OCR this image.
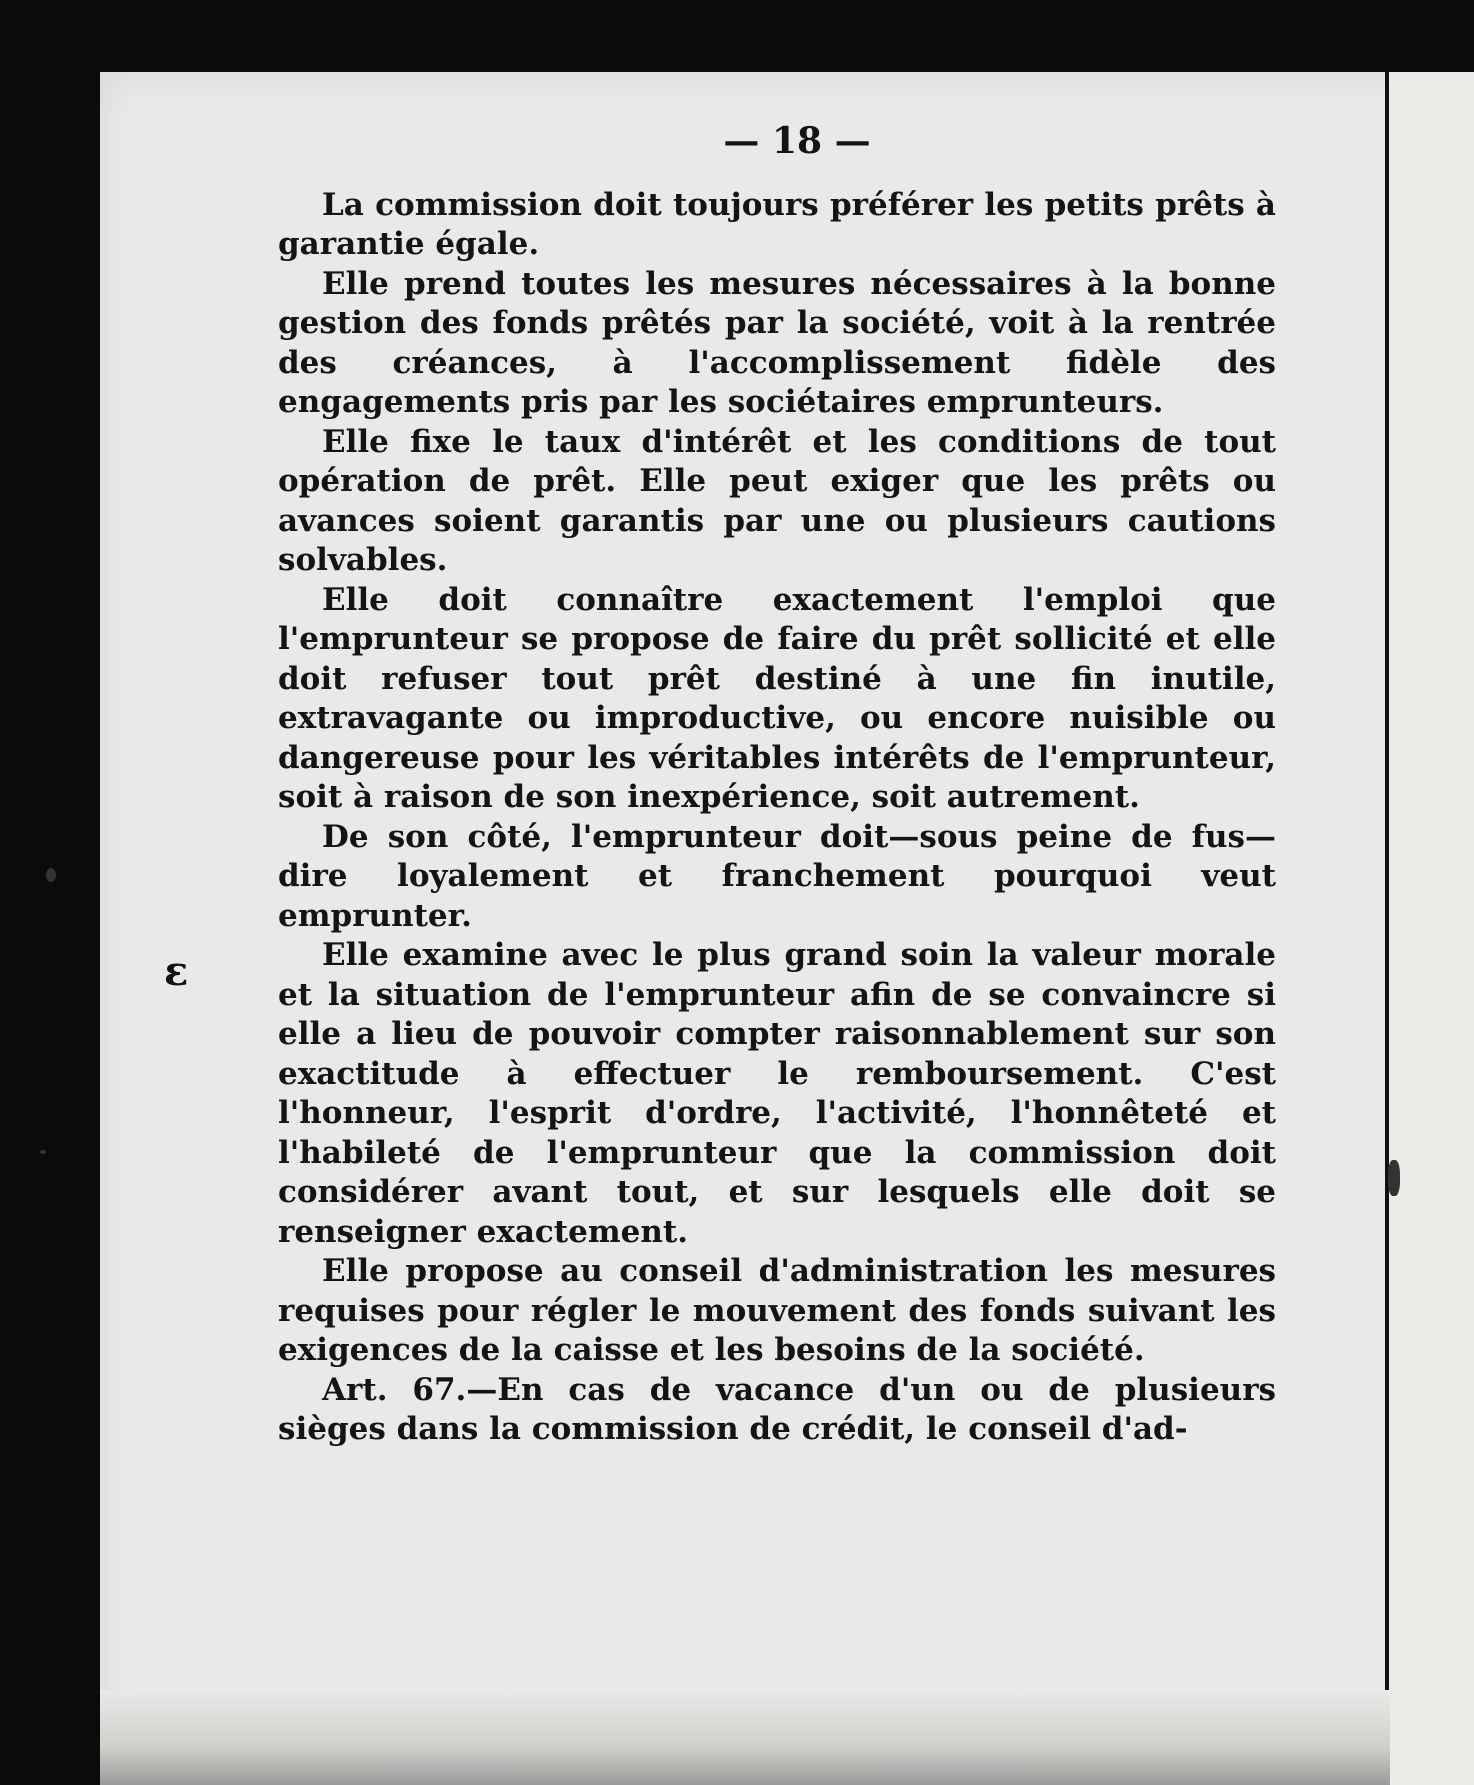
ɛ
— 18 —

La commission doit toujours préférer les petits prêts à garantie égale.

Elle prend toutes les mesures nécessaires à la bonne gestion des fonds prêtés par la société, voit à la rentrée des créances, à l'accomplissement fidèle des engagements pris par les sociétaires emprunteurs.

Elle fixe le taux d'intérêt et les conditions de tout opération de prêt. Elle peut exiger que les prêts ou avances soient garantis par une ou plusieurs cautions solvables.

Elle doit connaître exactement l'emploi que l'emprunteur se propose de faire du prêt sollicité et elle doit refuser tout prêt destiné à une fin inutile, extravagante ou improductive, ou encore nuisible ou dangereuse pour les véritables intérêts de l'emprunteur, soit à raison de son inexpérience, soit autrement.

De son côté, l'emprunteur doit—sous peine de fus—dire loyalement et franchement pourquoi veut emprunter.

Elle examine avec le plus grand soin la valeur morale et la situation de l'emprunteur afin de se convaincre si elle a lieu de pouvoir compter raisonnablement sur son exactitude à effectuer le remboursement. C'est l'honneur, l'esprit d'ordre, l'activité, l'honnêteté et l'habileté de l'emprunteur que la commission doit considérer avant tout, et sur lesquels elle doit se renseigner exactement.

Elle propose au conseil d'administration les mesures requises pour régler le mouvement des fonds suivant les exigences de la caisse et les besoins de la société.

Art. 67.—En cas de vacance d'un ou de plusieurs sièges dans la commission de crédit, le conseil d'ad-
